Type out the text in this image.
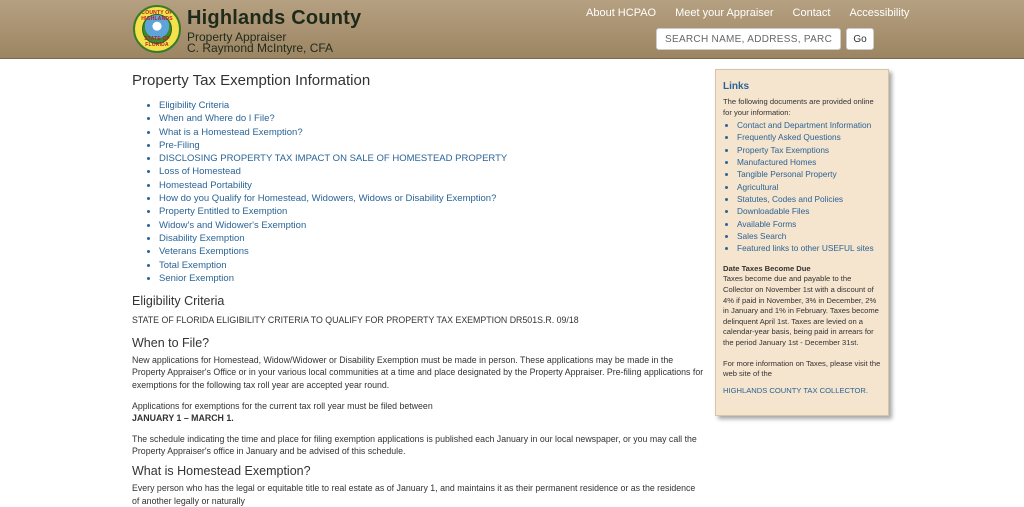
COUNTY OF HIGHLANDS
STATE OF FLORIDA
Highlands County
Property Appraiser
C. Raymond McIntyre, CFA
About HCPAO Meet your Appraiser Contact Accessibility
SEARCH NAME, ADDRESS, PARCELID
Go
Property Tax Exemption Information
• Eligibility Criteria
• When and Where do I File?
• What is a Homestead Exemption?
• Pre-Filing
• DISCLOSING PROPERTY TAX IMPACT ON SALE OF HOMESTEAD PROPERTY
• Loss of Homestead
• Homestead Portability
• How do you Qualify for Homestead, Widowers, Widows or Disability Exemption?
• Property Entitled to Exemption
• Widow's and Widower's Exemption
• Disability Exemption
• Veterans Exemptions
• Total Exemption
• Senior Exemption
Eligibility Criteria

STATE OF FLORIDA ELIGIBILITY CRITERIA TO QUALIFY FOR PROPERTY TAX EXEMPTION DR501S.R. 09/18

When to File?

New applications for Homestead, Widow/Widower or Disability Exemption must be made in person. These applications may be made in the Property Appraiser's Office or in your various local communities at a time and place designated by the Property Appraiser. Pre-filing applications for exemptions for the following tax roll year are accepted year round.

Applications for exemptions for the current tax roll year must be filed between

JANUARY 1 – MARCH 1.

The schedule indicating the time and place for filing exemption applications is published each January in our local newspaper, or you may call the Property Appraiser's office in January and be advised of this schedule.

What is Homestead Exemption?

Every person who has the legal or equitable title to real estate as of January 1, and maintains it as their permanent residence or as the residence of another legally or naturally

Links

The following documents are provided online for your information:

• Contact and Department Information
• Frequently Asked Questions
• Property Tax Exemptions
• Manufactured Homes
• Tangible Personal Property
• Agricultural
• Statutes, Codes and Policies
• Downloadable Files
• Available Forms
• Sales Search
• Featured links to other USEFUL sites
Date Taxes Become Due

Taxes become due and payable to the Collector on November 1st with a discount of 4% if paid in November, 3% in December, 2% in January and 1% in February. Taxes become delinquent April 1st. Taxes are levied on a calendar-year basis, being paid in arrears for the period January 1st - December 31st.

For more information on Taxes, please visit the web site of the

HIGHLANDS COUNTY TAX COLLECTOR.
